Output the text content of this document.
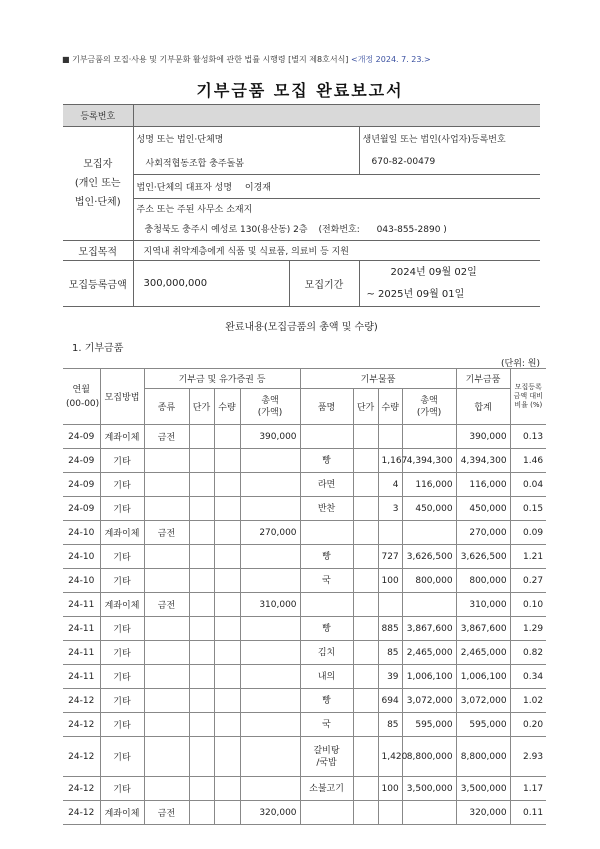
■ 기부금품의 모집·사용 및 기부문화 활성화에 관한 법률 시행령 [별지 제8호서식] <개정 2024. 7. 23.>
기부금품 모집 완료보고서
등록번호			
모집자
(개인 또는
법인·단체)	성명 또는 법인·단체명		생년월일 또는 법인(사업자)등록번호
	사회적협동조합 충주돌봄		670-82-00479
	법인·단체의 대표자 성명 이경재		

	주소 또는 주된 사무소 소재지
충청북도 충주시 예성로 130(용산동) 2층 (전화번호: 043-855-2890 )		

모집목적	지역내 취약계층에게 식품 및 식료품, 의료비 등 지원		
모집등록금액	300,000,000	모집기간	2024년 09월 02일
~ 2025년 09월 01일
완료내용(모집금품의 총액 및 수량)
1. 기부금품
(단위: 원)
연월
(00-00)	모집방법	기부금 및 유가증권 등				기부물품				기부금품	모집등록금액 대비 비율 (%)
		종류	단가	수량	총액
(가액)	품명	단가	수량	총액
(가액)	합계	
24-09	계좌이체	금전			390,000					390,000	0.13
24-09	기타					빵		1,167	4,394,300	4,394,300	1.46
24-09	기타					라면		4	116,000	116,000	0.04
24-09	기타					반찬		3	450,000	450,000	0.15
24-10	계좌이체	금전			270,000					270,000	0.09
24-10	기타					빵		727	3,626,500	3,626,500	1.21
24-10	기타					국		100	800,000	800,000	0.27
24-11	계좌이체	금전			310,000					310,000	0.10
24-11	기타					빵		885	3,867,600	3,867,600	1.29
24-11	기타					김치		85	2,465,000	2,465,000	0.82
24-11	기타					내의		39	1,006,100	1,006,100	0.34
24-12	기타					빵		694	3,072,000	3,072,000	1.02
24-12	기타					국		85	595,000	595,000	0.20
24-12	기타					갈비탕
/국밥		1,420	8,800,000	8,800,000	2.93
24-12	기타					소불고기		100	3,500,000	3,500,000	1.17
24-12	계좌이체	금전			320,000					320,000	0.11
